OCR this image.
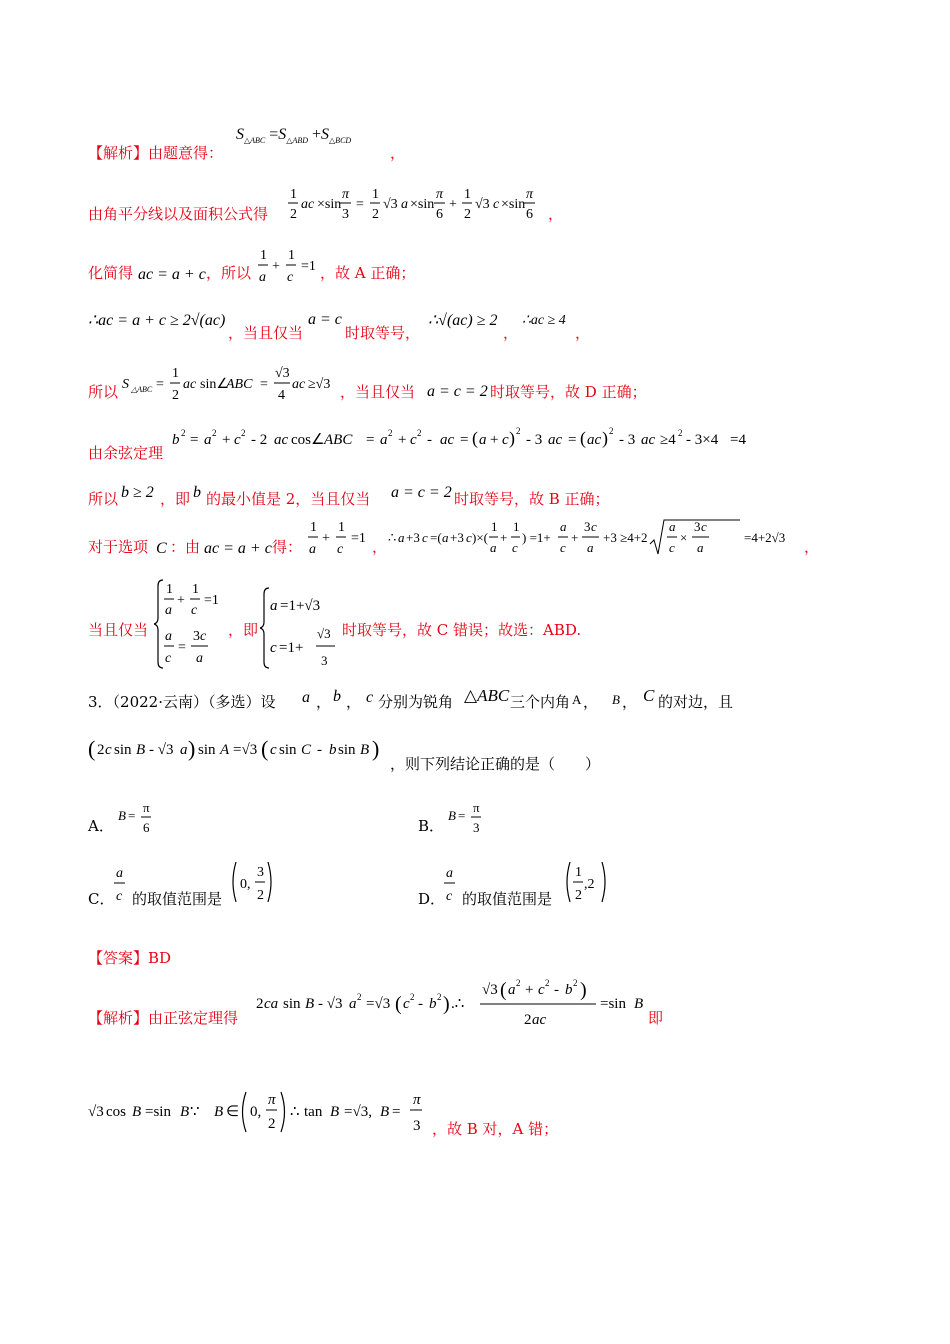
【解析】由题意得：
$S_{\triangle ABC} =S_{\triangle ABD} +S_{\triangle BCD}$
，
由角平分线以及面积公式得
1
2
ac ×sin
π
3
=
1
2
√3 a ×sin
π
6
+
1
2
√3 c ×sin
π
6 ，
化简得 ac = a + c ，所以
1
a
+
1
c
=1 ，故 A 正确；
∴ac = a + c ≥ 2√(ac)
，当且仅当
a = c
时取等号，
∴√(ac) ≥ 2
，
∴ac ≥ 4
，
所以 S △ABC =
1
2
ac sin∠
ABC =
√3
4
ac ≥√3 ，当且仅当 a = c = 2 时取等号，故 D 正确；
由余弦定理
b 2 = a 2 + c 2 - 2 ac cos∠ ABC = a 2 + c 2 - ac = ( a + c ) 2
- 3 ac = ( ac ) 2
- 3 ac ≥4 2 - 3×4 =4
所以 b ≥ 2 ，即 b 的最小值是 2，当且仅当 a = c = 2 时取等号，故 B 正确；
对于选项 C ：由 ac = a + c 得：
1
a
+
1
c
=1 ，
∴ a +3 c =( a +3 c )×(
1
a
+
1
c
) =1+
a
c
+
3 c
a
+3 ≥4+2
a
c
×
3 c
a
=4+2√3
，
当且仅当
1
a
+
1
c
=1
a
c
=
3 c
a
，即
a =1+√3
c =1+
√3
3
时取等号，故 C 错误；故选：ABD.
3．（2022·云南）（多选）设 a ， b ， c 分别为锐角 △ABC 三个内角 A ， B ， C 的对边，且
( 2 c sin B - √3 a ) sin A =√3 ( c sin C - b sin B )
，则下列结论正确的是（　　）
A．
B =
π
6	B．
B =
π
3
C．
a
c 的取值范围是
0,
3
2	D．
a
c 的取值范围是
1
2
,2
【答案】BD
【解析】由正弦定理得
2 ca sin B - √3 a 2 =√3 ( c 2 - b 2 ) .∴
√3 ( a 2 + c 2 - b 2 )
2 ac
=sin B
即
√3 cos B =sin B ∵ B ∈ 0,
π
2
∴ tan B =√3, B =
π
3 ，故 B 对，A 错；
